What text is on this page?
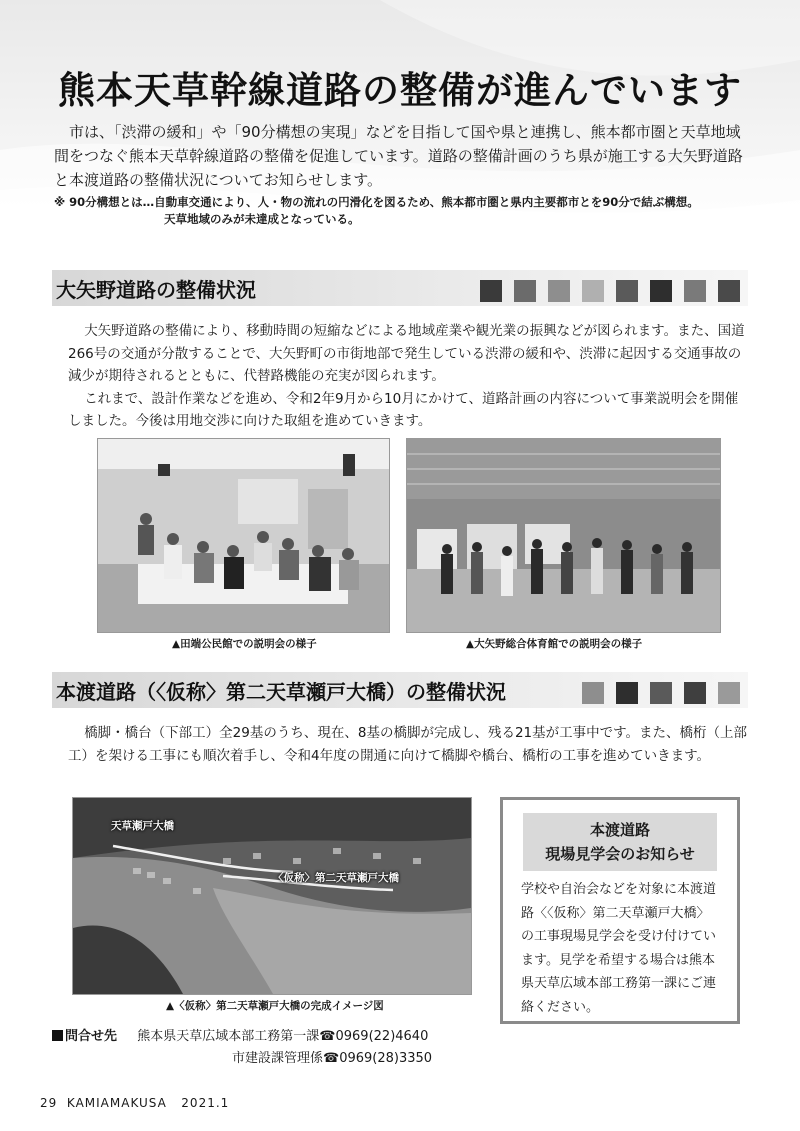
熊本天草幹線道路の整備が進んでいます

市は、「渋滞の緩和」や「90分構想の実現」などを目指して国や県と連携し、熊本都市圏と天草地域間をつなぐ熊本天草幹線道路の整備を促進しています。道路の整備計画のうち県が施工する大矢野道路と本渡道路の整備状況についてお知らせします。

※ 90分構想とは…自動車交通により、人・物の流れの円滑化を図るため、熊本都市圏と県内主要都市とを90分で結ぶ構想。
天草地域のみが未達成となっている。
大矢野道路の整備状況

大矢野道路の整備により、移動時間の短縮などによる地域産業や観光業の振興などが図られます。また、国道266号の交通が分散することで、大矢野町の市街地部で発生している渋滞の緩和や、渋滞に起因する交通事故の減少が期待されるとともに、代替路機能の充実が図られます。

これまで、設計作業などを進め、令和2年9月から10月にかけて、道路計画の内容について事業説明会を開催しました。今後は用地交渉に向けた取組を進めていきます。

▲田端公民館での説明会の様子	▲大矢野総合体育館での説明会の様子
本渡道路（〈仮称〉第二天草瀬戸大橋）の整備状況

橋脚・橋台（下部工）全29基のうち、現在、8基の橋脚が完成し、残る21基が工事中です。また、橋桁（上部工）を架ける工事にも順次着手し、令和4年度の開通に向けて橋脚や橋台、橋桁の工事を進めていきます。

天草瀬戸大橋
〈仮称〉第二天草瀬戸大橋
▲〈仮称〉第二天草瀬戸大橋の完成イメージ図
本渡道路
現場見学会のお知らせ
学校や自治会などを対象に本渡道路〈〈仮称〉第二天草瀬戸大橋〉の工事現場見学会を受け付けています。見学を希望する場合は熊本県天草広域本部工務第一課にご連絡ください。
問合せ先 熊本県天草広域本部工務第一課☎0969(22)4640
市建設課管理係☎0969(28)3350
29 KAMIAMAKUSA 2021.1
